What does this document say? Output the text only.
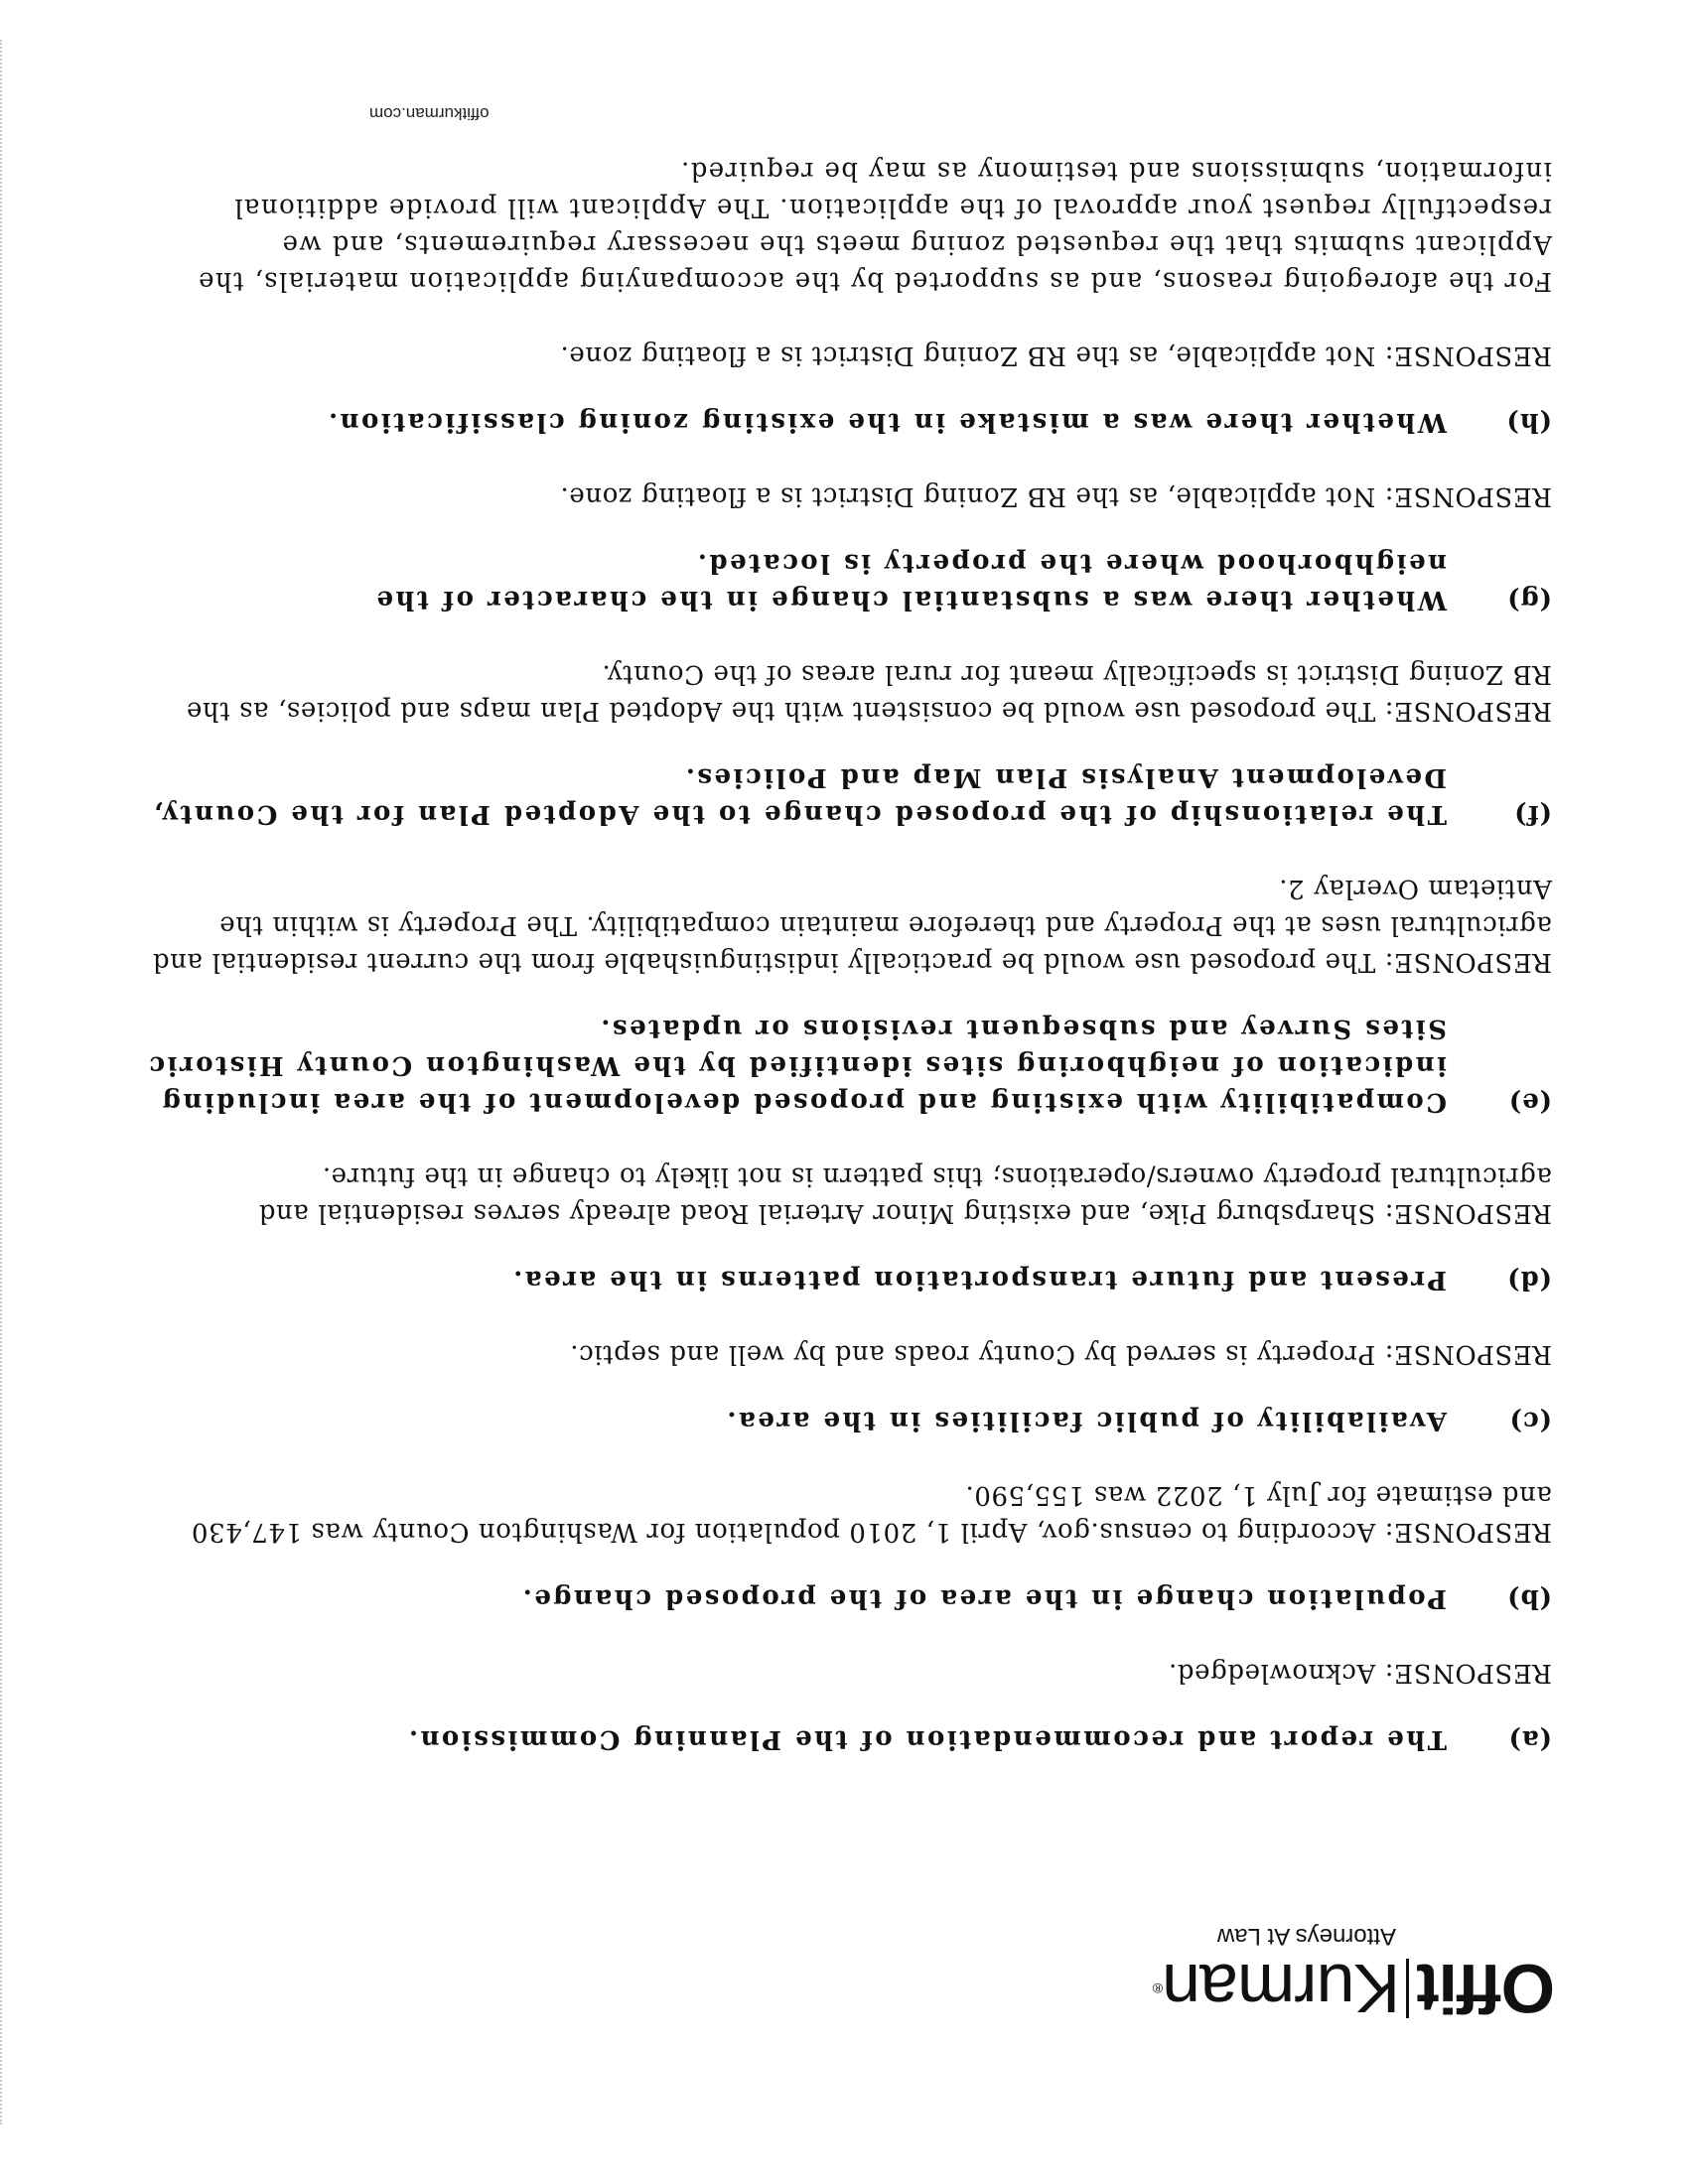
OffitKurman®
Attorneys At Law
(a)
The report and recommendation of the Planning Commission.

RESPONSE: Acknowledged.

(b)
Population change in the area of the proposed change.

RESPONSE: According to census.gov, April 1, 2010 population for Washington County was 147,430 and estimate for July 1, 2022 was 155,590.

(c)
Availability of public facilities in the area.

RESPONSE: Property is served by County roads and by well and septic.

(d)
Present and future transportation patterns in the area.

RESPONSE: Sharpsburg Pike, and existing Minor Arterial Road already serves residential and agricultural property owners/operations; this pattern is not likely to change in the future.

(e)
Compatibility with existing and proposed development of the area including indication of neighboring sites identified by the Washington County Historic Sites Survey and subsequent revisions or updates.

RESPONSE: The proposed use would be practically indistinguishable from the current residential and agricultural uses at the Property and therefore maintain compatibility. The Property is within the Antietam Overlay 2.

(f)
The relationship of the proposed change to the Adopted Plan for the County, Development Analysis Plan Map and Policies.

RESPONSE: The proposed use would be consistent with the Adopted Plan maps and policies, as the RB Zoning District is specifically meant for rural areas of the County.

(g)
Whether there was a substantial change in the character of the neighborhood where the property is located.

RESPONSE: Not applicable, as the RB Zoning District is a floating zone.

(h)
Whether there was a mistake in the existing zoning classification.

RESPONSE: Not applicable, as the RB Zoning District is a floating zone.

For the aforegoing reasons, and as supported by the accompanying application materials, the Applicant submits that the requested zoning meets the necessary requirements, and we respectfully request your approval of the application. The Applicant will provide additional information, submissions and testimony as may be required.

offitkurman.com
